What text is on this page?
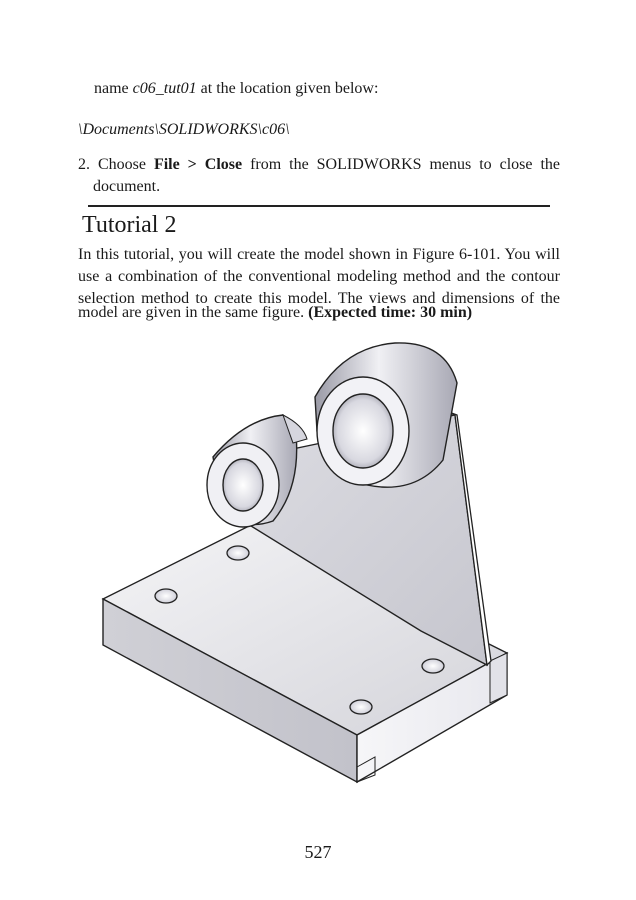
name c06_tut01 at the location given below:
\Documents\SOLIDWORKS\c06\
2. Choose File > Close from the SOLIDWORKS menus to close the
document.
Tutorial 2
In this tutorial, you will create the model shown in Figure 6-101. You will
use a combination of the conventional modeling method and the contour
selection method to create this model. The views and dimensions of the
model are given in the same figure. (Expected time: 30 min)
527
